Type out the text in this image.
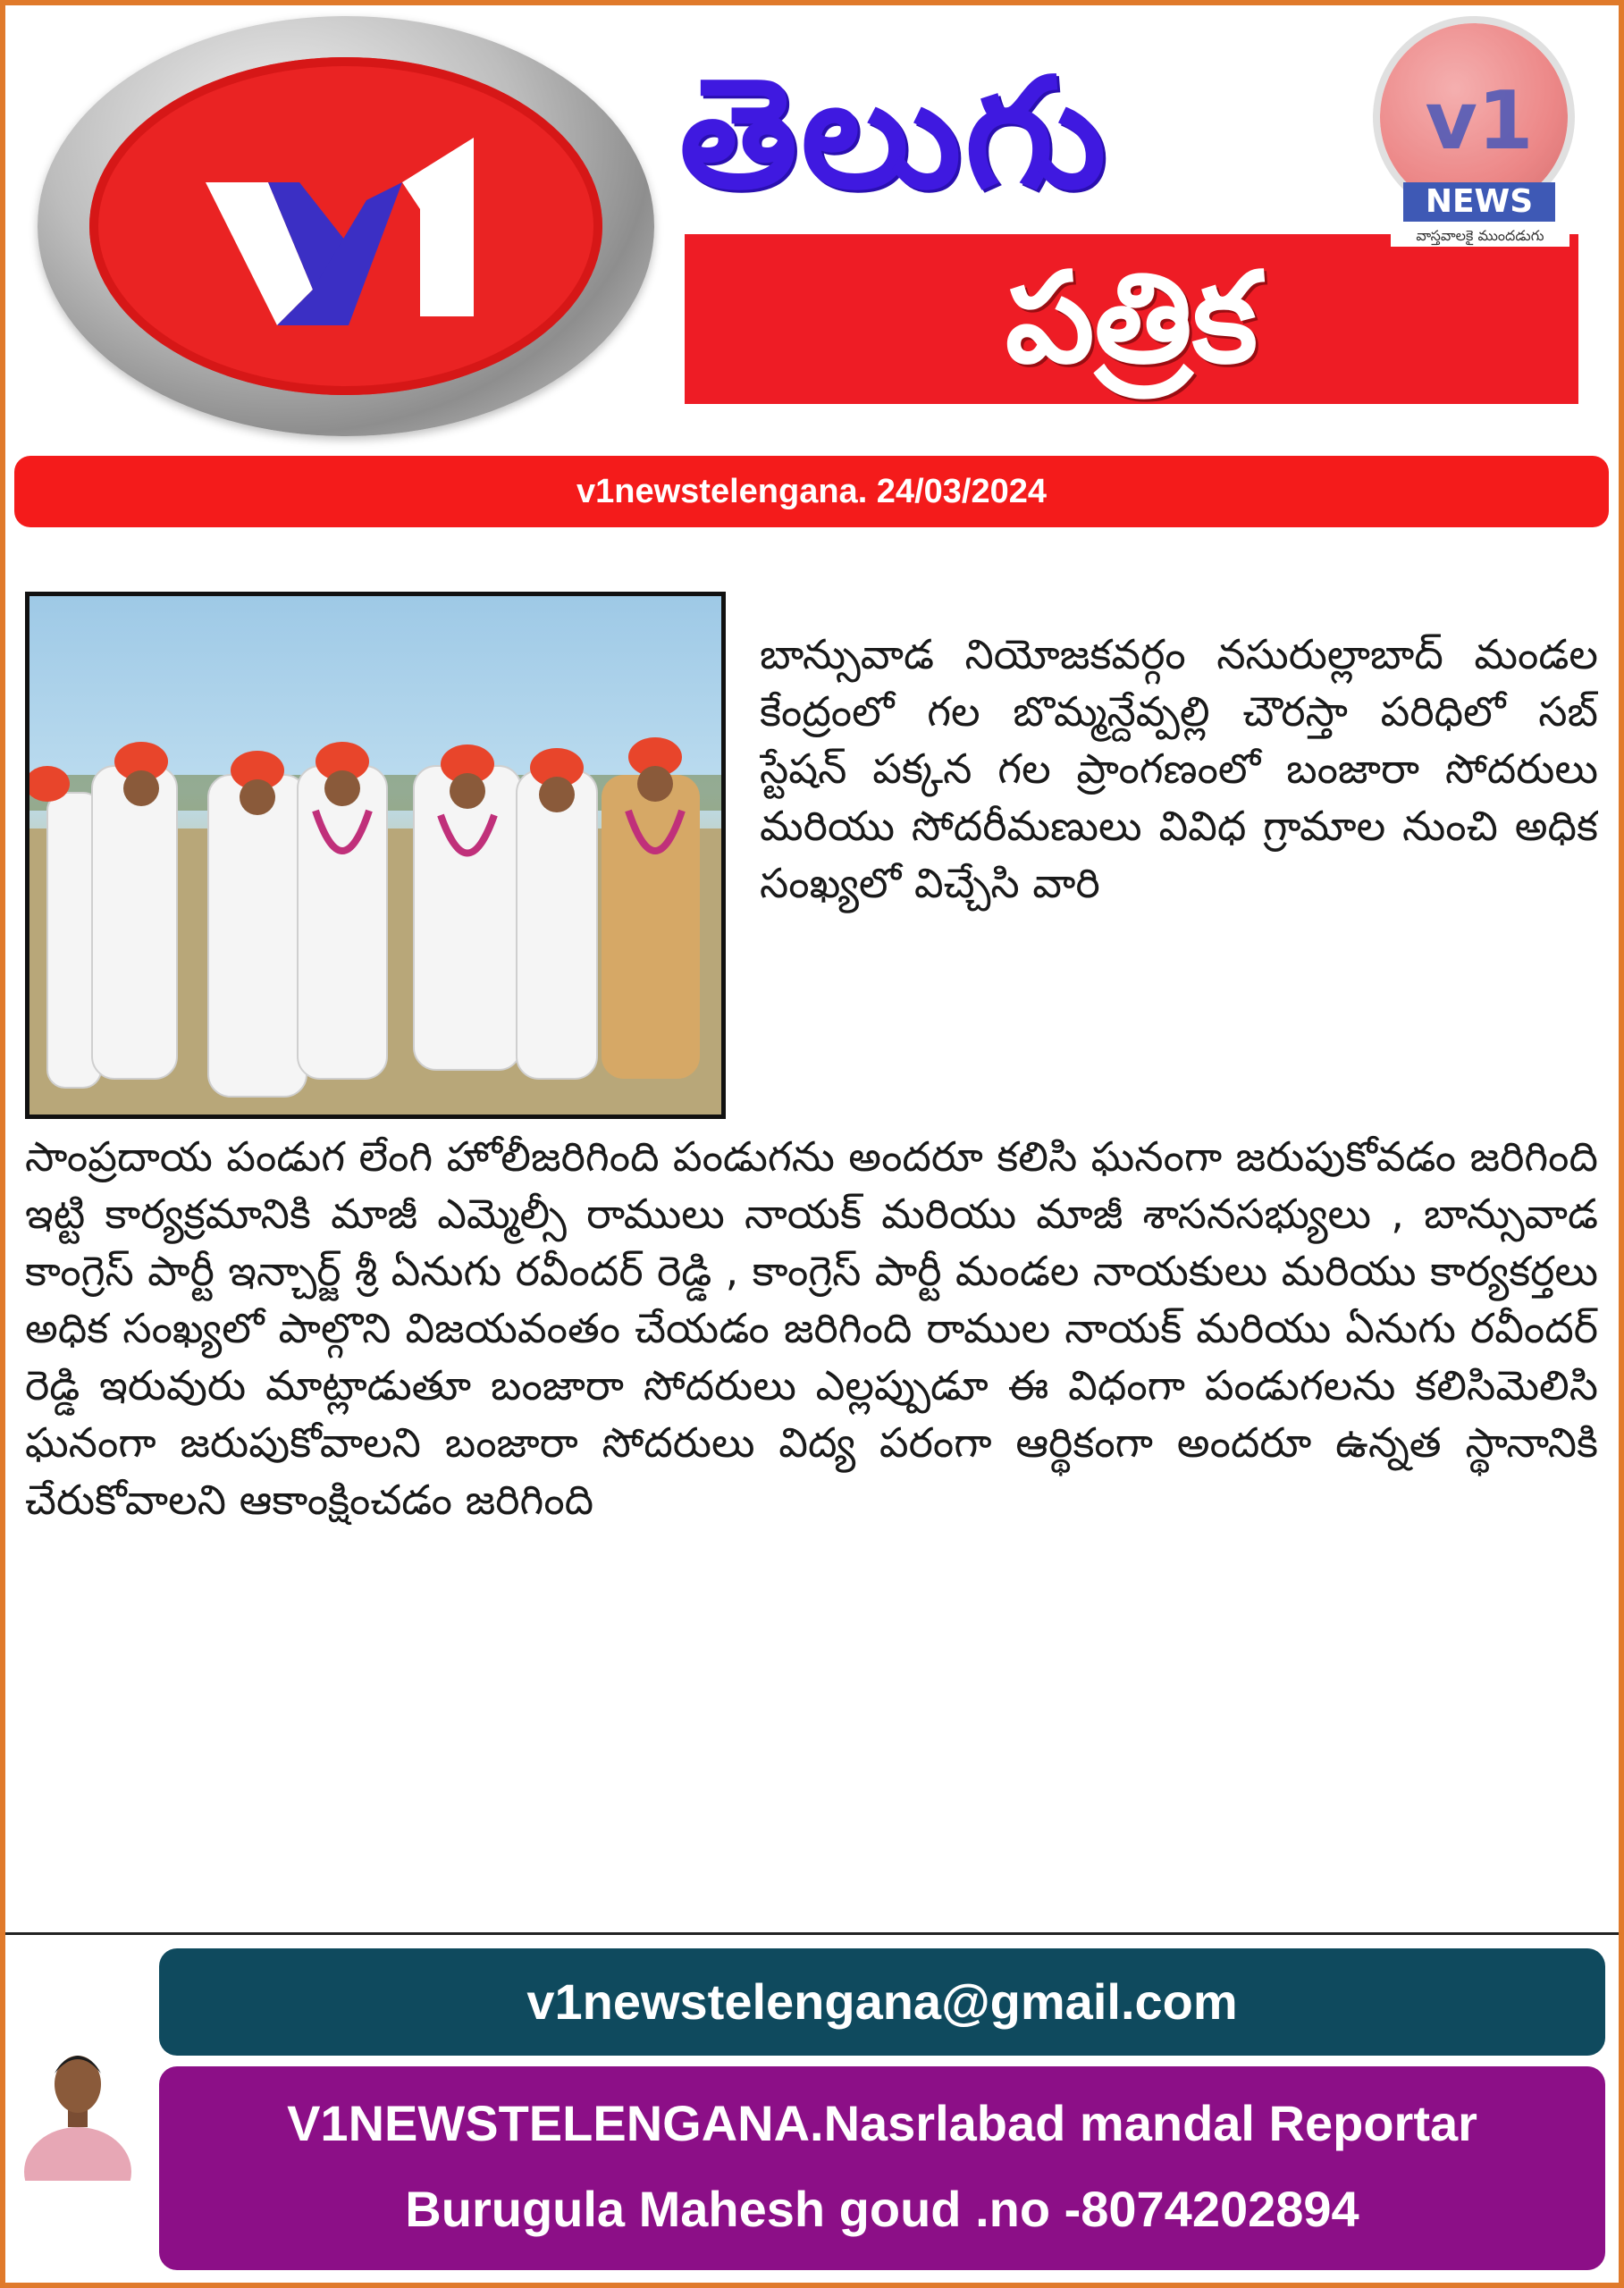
తెలుగు
పత్రిక
v1
NEWS
వాస్తవాలకై ముందడుగు
v1newstelengana. 24/03/2024

బాన్సువాడ నియోజకవర్గం నసురుల్లాబాద్ మండల కేంద్రంలో గల బొమ్మన్దేవ్పల్లి చౌరస్తా పరిధిలో సబ్ స్టేషన్ పక్కన గల ప్రాంగణంలో బంజారా సోదరులు మరియు సోదరీమణులు వివిధ గ్రామాల నుంచి అధిక సంఖ్యలో విచ్చేసి వారి

సాంప్రదాయ పండుగ లేంగి హోలీజరిగింది పండుగను అందరూ కలిసి ఘనంగా జరుపుకోవడం జరిగింది ఇట్టి కార్యక్రమానికి మాజీ ఎమ్మెల్సీ రాములు నాయక్ మరియు మాజీ శాసనసభ్యులు , బాన్సువాడ కాంగ్రెస్ పార్టీ ఇన్చార్జ్ శ్రీ ఏనుగు రవీందర్ రెడ్డి , కాంగ్రెస్ పార్టీ మండల నాయకులు మరియు కార్యకర్తలు అధిక సంఖ్యలో పాల్గొని విజయవంతం చేయడం జరిగింది రాముల నాయక్ మరియు ఏనుగు రవీందర్ రెడ్డి ఇరువురు మాట్లాడుతూ బంజారా సోదరులు ఎల్లప్పుడూ ఈ విధంగా పండుగలను కలిసిమెలిసి ఘనంగా జరుపుకోవాలని బంజారా సోదరులు విద్య పరంగా ఆర్థికంగా అందరూ ఉన్నత స్థానానికి చేరుకోవాలని ఆకాంక్షించడం జరిగింది

v1newstelengana@gmail.com
V1NEWSTELENGANA.Nasrlabad mandal Reportar
Burugula Mahesh goud .no -8074202894
